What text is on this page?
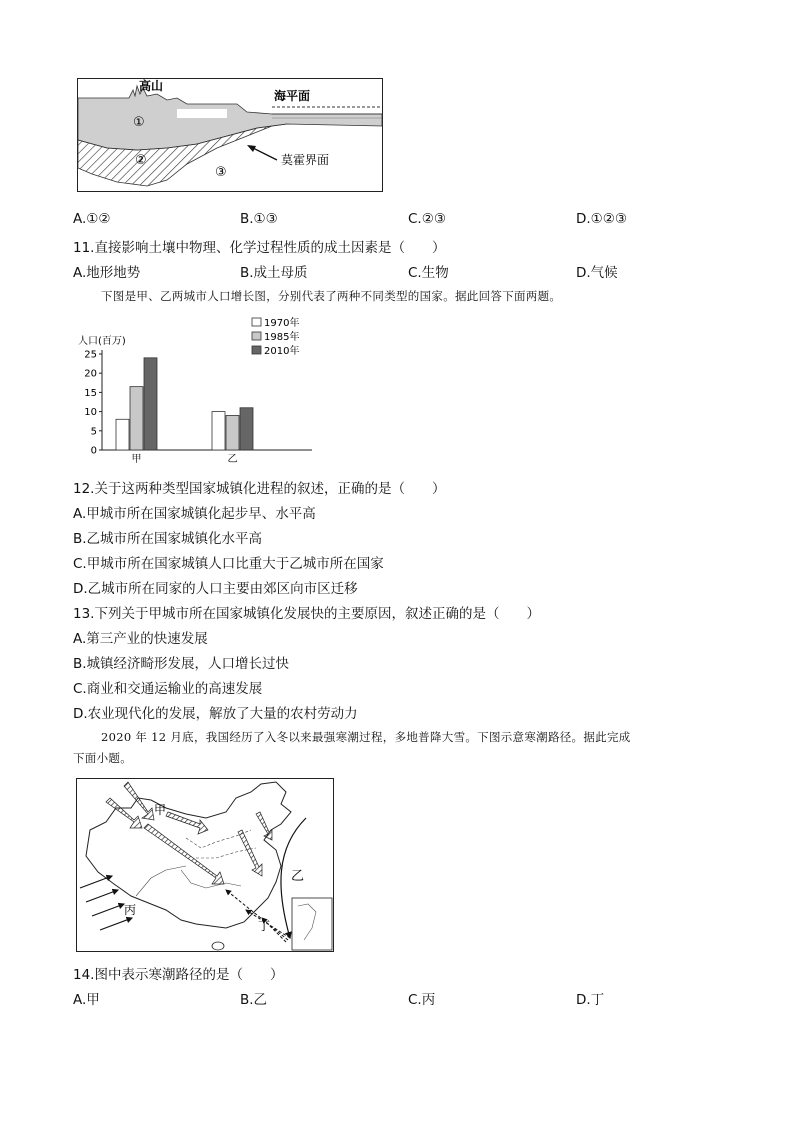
高山
海平面
莫霍界面
①
②
③
A.①②	B.①③	C.②③	D.①②③
11.直接影响土壤中物理、化学过程性质的成土因素是（　　）
A.地形地势	B.成土母质	C.生物	D.气候
下图是甲、乙两城市人口增长图，分别代表了两种不同类型的国家。据此回答下面两题。
人口(百万)
0
5
10
15
20
25
甲	乙
1970年
1985年
2010年
12.关于这两种类型国家城镇化进程的叙述，正确的是（　　）
A.甲城市所在国家城镇化起步早、水平高
B.乙城市所在国家城镇化水平高
C.甲城市所在国家城镇人口比重大于乙城市所在国家
D.乙城市所在同家的人口主要由郊区向市区迁移
13.下列关于甲城市所在国家城镇化发展快的主要原因，叙述正确的是（　　）
A.第三产业的快速发展
B.城镇经济畸形发展，人口增长过快
C.商业和交通运输业的高速发展
D.农业现代化的发展，解放了大量的农村劳动力
2020 年 12 月底，我国经历了入冬以来最强寒潮过程，多地普降大雪。下图示意寒潮路径。据此完成
下面小题。
甲
乙
丙
丁
14.图中表示寒潮路径的是（　　）
A.甲	B.乙	C.丙	D.丁
